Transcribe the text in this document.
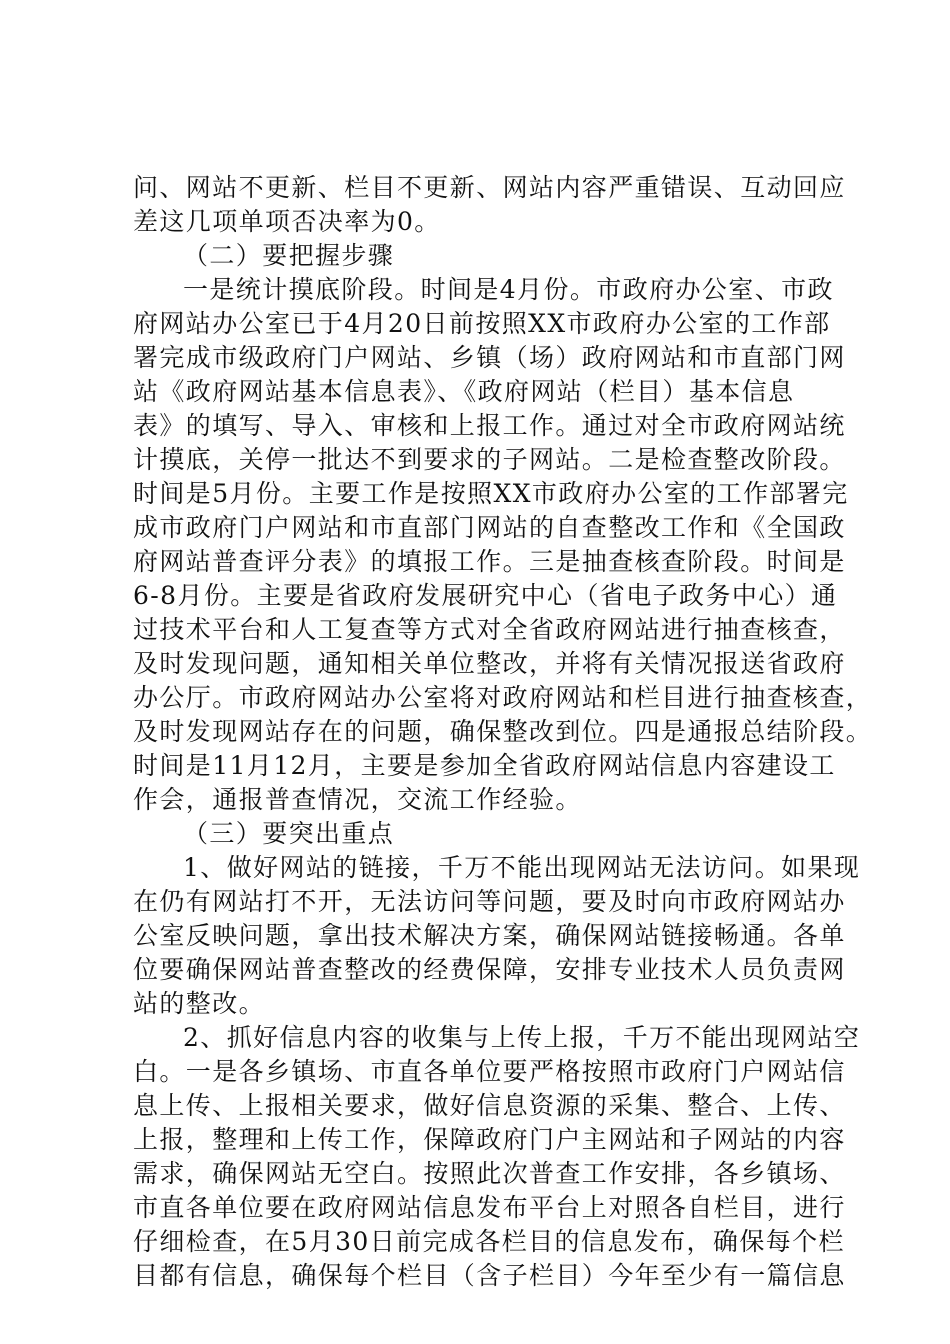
问、网站不更新、栏目不更新、网站内容严重错误、互动回应
差这几项单项否决率为0。
（二）要把握步骤
一是统计摸底阶段。时间是4月份。市政府办公室、市政
府网站办公室已于4月20日前按照XX市政府办公室的工作部
署完成市级政府门户网站、乡镇（场）政府网站和市直部门网
站《政府网站基本信息表》、《政府网站（栏目）基本信息
表》的填写、导入、审核和上报工作。通过对全市政府网站统
计摸底，关停一批达不到要求的子网站。二是检查整改阶段。
时间是5月份。主要工作是按照XX市政府办公室的工作部署完
成市政府门户网站和市直部门网站的自查整改工作和《全国政
府网站普查评分表》的填报工作。三是抽查核查阶段。时间是
6-8月份。主要是省政府发展研究中心（省电子政务中心）通
过技术平台和人工复查等方式对全省政府网站进行抽查核查，
及时发现问题，通知相关单位整改，并将有关情况报送省政府
办公厅。市政府网站办公室将对政府网站和栏目进行抽查核查，
及时发现网站存在的问题，确保整改到位。四是通报总结阶段。
时间是11月12月，主要是参加全省政府网站信息内容建设工
作会，通报普查情况，交流工作经验。
（三）要突出重点
1、做好网站的链接，千万不能出现网站无法访问。如果现
在仍有网站打不开，无法访问等问题，要及时向市政府网站办
公室反映问题，拿出技术解决方案，确保网站链接畅通。各单
位要确保网站普查整改的经费保障，安排专业技术人员负责网
站的整改。
2、抓好信息内容的收集与上传上报，千万不能出现网站空
白。一是各乡镇场、市直各单位要严格按照市政府门户网站信
息上传、上报相关要求，做好信息资源的采集、整合、上传、
上报，整理和上传工作，保障政府门户主网站和子网站的内容
需求，确保网站无空白。按照此次普查工作安排，各乡镇场、
市直各单位要在政府网站信息发布平台上对照各自栏目，进行
仔细检查，在5月30日前完成各栏目的信息发布，确保每个栏
目都有信息，确保每个栏目（含子栏目）今年至少有一篇信息
